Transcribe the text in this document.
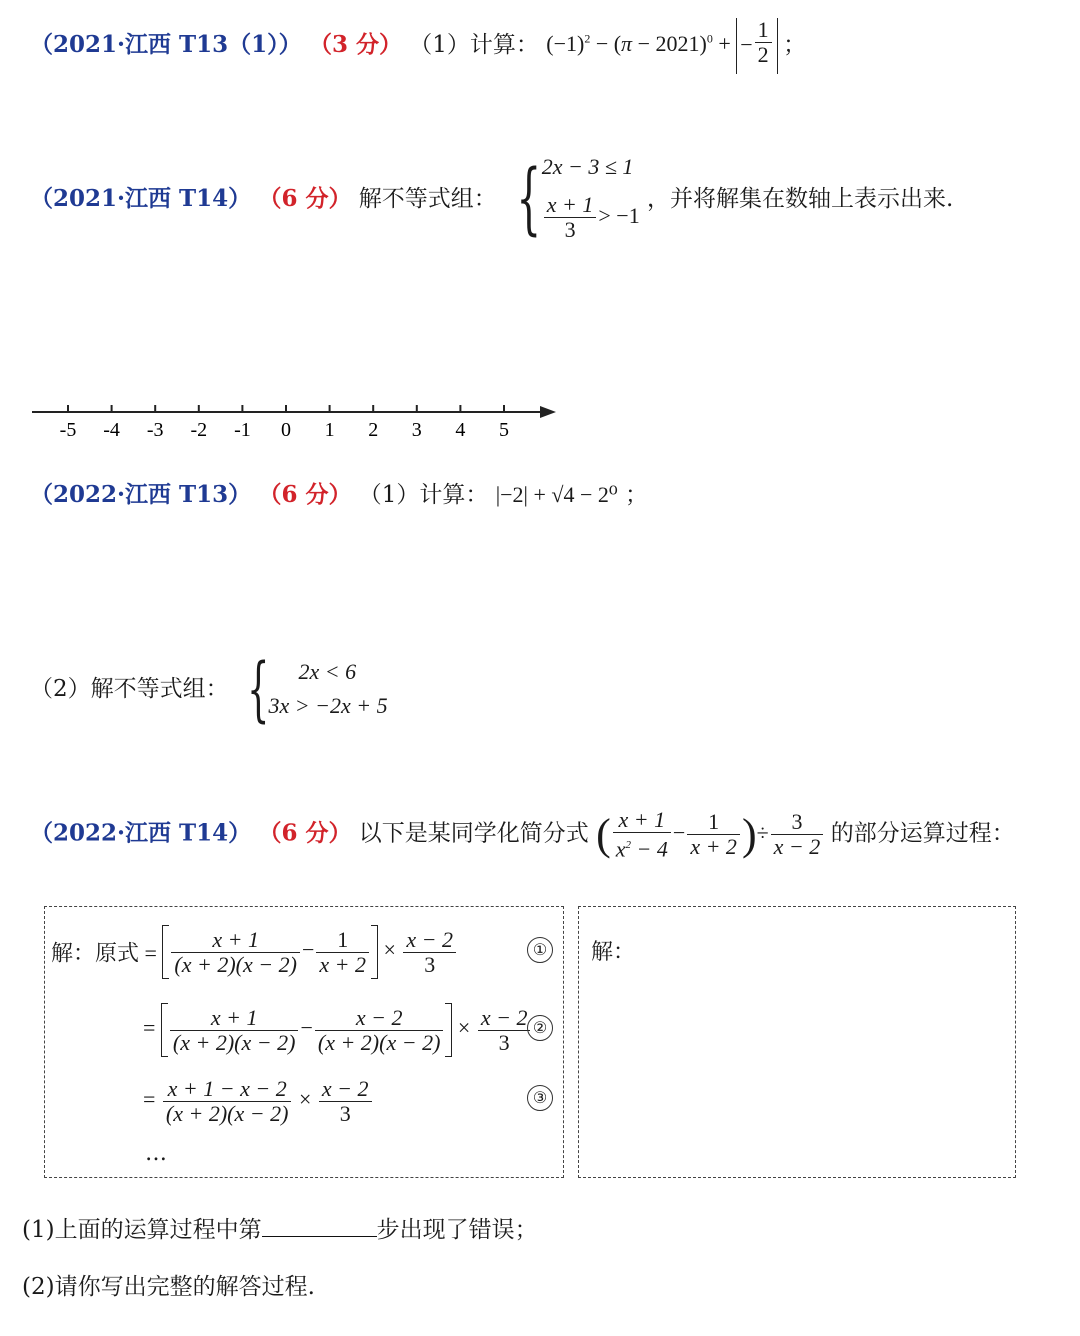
（2021·江西 T13（1）） （3 分） （1）计算： $(-1)^2 - (\pi - 2021)^0$ + − $\frac{1}{2}$ ；
（2021·江西 T14） （6 分） 解不等式组： { 2x − 3 ≤ 1
$\frac{x + 1}{3} > -1$
，并将解集在数轴上表示出来.
-5 -4 -3 -2 -1 0 1 2 3 4 5
（2022·江西 T13） （6 分） （1）计算： |−2| + √4 − 2⁰ ；
（2）解不等式组： {	2x < 6
3x > −2x + 5
（2022·江西 T14） （6 分） 以下是某同学化简分式 ( $\frac{x + 1}{x^2 - 4} - \frac{1}{x + 2}$ )÷ $\frac{3}{x - 2}$ 的部分运算过程：
解：原式 = $\frac{x + 1}{(x + 2)(x - 2)} - \frac{1}{x + 2} \times \frac{x - 2}{3}$	①
= $\frac{x + 1}{(x + 2)(x - 2)} - \frac{x - 2}{(x + 2)(x - 2)} \times \frac{x - 2}{3}$ ②
= $\frac{x + 1 - x - 2}{(x + 2)(x - 2)} \times \frac{x - 2}{3}$	③
…
解：
(1)上面的运算过程中第	步出现了错误；
(2)请你写出完整的解答过程.
